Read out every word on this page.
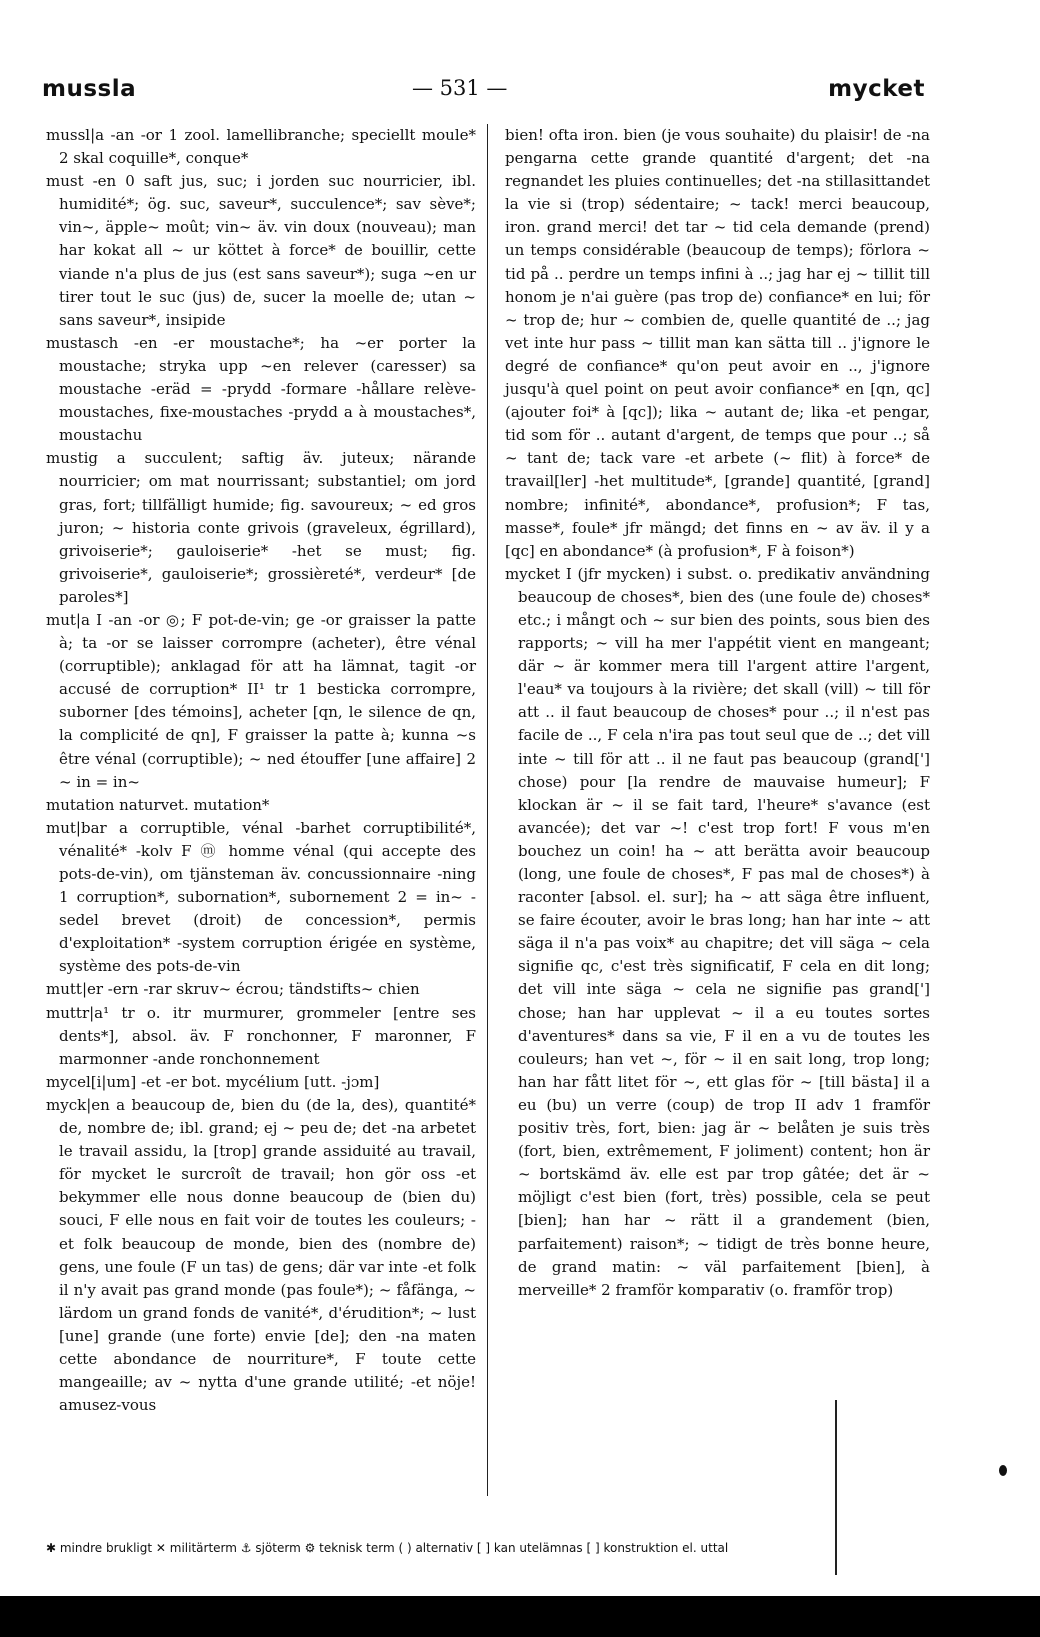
mussla	— 531 —	mycket

mussl|a -an -or 1 zool. lamellibranche; speciellt moule* 2 skal coquille*, conque*

must -en 0 saft jus, suc; i jorden suc nourricier, ibl. humidité*; ög. suc, saveur*, succulence*; sav sève*; vin~, äpple~ moût; vin~ äv. vin doux (nouveau); man har kokat all ~ ur köttet à force* de bouillir, cette viande n'a plus de jus (est sans saveur*); suga ~en ur tirer tout le suc (jus) de, sucer la moelle de; utan ~ sans saveur*, insipide

mustasch -en -er moustache*; ha ~er porter la moustache; stryka upp ~en relever (caresser) sa moustache -eräd = -prydd -formare -hållare relève-moustaches, fixe-moustaches -prydd a à moustaches*, moustachu

mustig a succulent; saftig äv. juteux; närande nourricier; om mat nourrissant; substantiel; om jord gras, fort; tillfälligt humide; fig. savoureux; ~ ed gros juron; ~ historia conte grivois (graveleux, égrillard), grivoiserie*; gauloiserie* -het se must; fig. grivoiserie*, gauloiserie*; grossièreté*, verdeur* [de paroles*]

mut|a I -an -or ◎; F pot-de-vin; ge -or graisser la patte à; ta -or se laisser corrompre (acheter), être vénal (corruptible); anklagad för att ha lämnat, tagit -or accusé de corruption* II¹ tr 1 besticka corrompre, suborner [des témoins], acheter [qn, le silence de qn, la complicité de qn], F graisser la patte à; kunna ~s être vénal (corruptible); ~ ned étouffer [une affaire] 2 ~ in = in~

mutation naturvet. mutation*

mut|bar a corruptible, vénal -barhet corruptibilité*, vénalité* -kolv F ⓜ homme vénal (qui accepte des pots-de-vin), om tjänsteman äv. concussionnaire -ning 1 corruption*, subornation*, subornement 2 = in~ -sedel brevet (droit) de concession*, permis d'exploitation* -system corruption érigée en système, système des pots-de-vin

mutt|er -ern -rar skruv~ écrou; tändstifts~ chien

muttr|a¹ tr o. itr murmurer, grommeler [entre ses dents*], absol. äv. F ronchonner, F maronner, F marmonner -ande ronchonnement

mycel[i|um] -et -er bot. mycélium [utt. -jɔm]

myck|en a beaucoup de, bien du (de la, des), quantité* de, nombre de; ibl. grand; ej ~ peu de; det -na arbetet le travail assidu, la [trop] grande assiduité au travail, för mycket le surcroît de travail; hon gör oss -et bekymmer elle nous donne beaucoup de (bien du) souci, F elle nous en fait voir de toutes les couleurs; -et folk beaucoup de monde, bien des (nombre de) gens, une foule (F un tas) de gens; där var inte -et folk il n'y avait pas grand monde (pas foule*); ~ fåfänga, ~ lärdom un grand fonds de vanité*, d'érudition*; ~ lust [une] grande (une forte) envie [de]; den -na maten cette abondance de nourriture*, F toute cette mangeaille; av ~ nytta d'une grande utilité; -et nöje! amusez-vous

bien! ofta iron. bien (je vous souhaite) du plaisir! de -na pengarna cette grande quantité d'argent; det -na regnandet les pluies continuelles; det -na stillasittandet la vie si (trop) sédentaire; ~ tack! merci beaucoup, iron. grand merci! det tar ~ tid cela demande (prend) un temps considérable (beaucoup de temps); förlora ~ tid på .. perdre un temps infini à ..; jag har ej ~ tillit till honom je n'ai guère (pas trop de) confiance* en lui; för ~ trop de; hur ~ combien de, quelle quantité de ..; jag vet inte hur pass ~ tillit man kan sätta till .. j'ignore le degré de confiance* qu'on peut avoir en .., j'ignore jusqu'à quel point on peut avoir confiance* en [qn, qc] (ajouter foi* à [qc]); lika ~ autant de; lika -et pengar, tid som för .. autant d'argent, de temps que pour ..; så ~ tant de; tack vare -et arbete (~ flit) à force* de travail[ler] -het multitude*, [grande] quantité, [grand] nombre; infinité*, abondance*, profusion*; F tas, masse*, foule* jfr mängd; det finns en ~ av äv. il y a [qc] en abondance* (à profusion*, F à foison*)

mycket I (jfr mycken) i subst. o. predikativ användning beaucoup de choses*, bien des (une foule de) choses* etc.; i mångt och ~ sur bien des points, sous bien des rapports; ~ vill ha mer l'appétit vient en mangeant; där ~ är kommer mera till l'argent attire l'argent, l'eau* va toujours à la rivière; det skall (vill) ~ till för att .. il faut beaucoup de choses* pour ..; il n'est pas facile de .., F cela n'ira pas tout seul que de ..; det vill inte ~ till för att .. il ne faut pas beaucoup (grand['] chose) pour [la rendre de mauvaise humeur]; F klockan är ~ il se fait tard, l'heure* s'avance (est avancée); det var ~! c'est trop fort! F vous m'en bouchez un coin! ha ~ att berätta avoir beaucoup (long, une foule de choses*, F pas mal de choses*) à raconter [absol. el. sur]; ha ~ att säga être influent, se faire écouter, avoir le bras long; han har inte ~ att säga il n'a pas voix* au chapitre; det vill säga ~ cela signifie qc, c'est très significatif, F cela en dit long; det vill inte säga ~ cela ne signifie pas grand['] chose; han har upplevat ~ il a eu toutes sortes d'aventures* dans sa vie, F il en a vu de toutes les couleurs; han vet ~, för ~ il en sait long, trop long; han har fått litet för ~, ett glas för ~ [till bästa] il a eu (bu) un verre (coup) de trop II adv 1 framför positiv très, fort, bien: jag är ~ belåten je suis très (fort, bien, extrêmement, F joliment) content; hon är ~ bortskämd äv. elle est par trop gâtée; det är ~ möjligt c'est bien (fort, très) possible, cela se peut [bien]; han har ~ rätt il a grandement (bien, parfaitement) raison*; ~ tidigt de très bonne heure, de grand matin: ~ väl parfaitement [bien], à merveille* 2 framför komparativ (o. framför trop)

✱ mindre brukligt ✕ militärterm ⚓ sjöterm ⚙ teknisk term ( ) alternativ [ ] kan utelämnas [ ] konstruktion el. uttal
